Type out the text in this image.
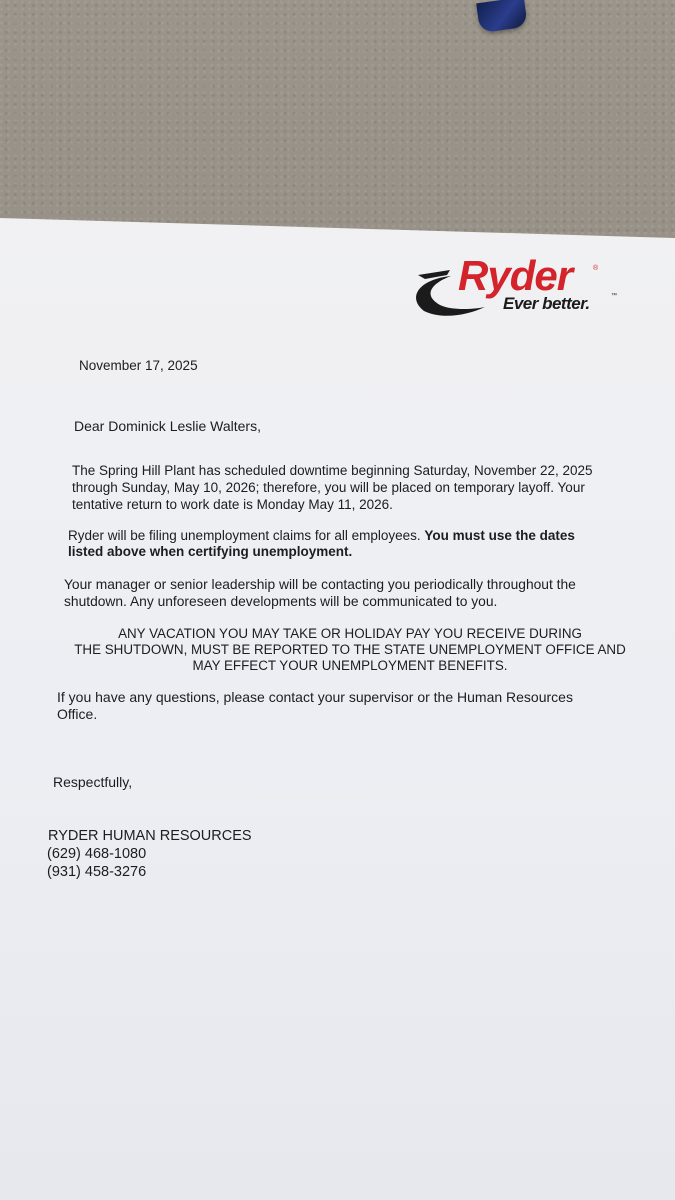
Ryder	®
Ever better.	™
November 17, 2025
Dear Dominick Leslie Walters,
The Spring Hill Plant has scheduled downtime beginning Saturday, November 22, 2025
through Sunday, May 10, 2026; therefore, you will be placed on temporary layoff. Your
tentative return to work date is Monday May 11, 2026.
Ryder will be filing unemployment claims for all employees. You must use the dates
listed above when certifying unemployment.
Your manager or senior leadership will be contacting you periodically throughout the
shutdown. Any unforeseen developments will be communicated to you.
ANY VACATION YOU MAY TAKE OR HOLIDAY PAY YOU RECEIVE DURING
THE SHUTDOWN, MUST BE REPORTED TO THE STATE UNEMPLOYMENT OFFICE AND
MAY EFFECT YOUR UNEMPLOYMENT BENEFITS.
If you have any questions, please contact your supervisor or the Human Resources
Office.
Respectfully,
RYDER HUMAN RESOURCES
(629) 468-1080
(931) 458-3276
